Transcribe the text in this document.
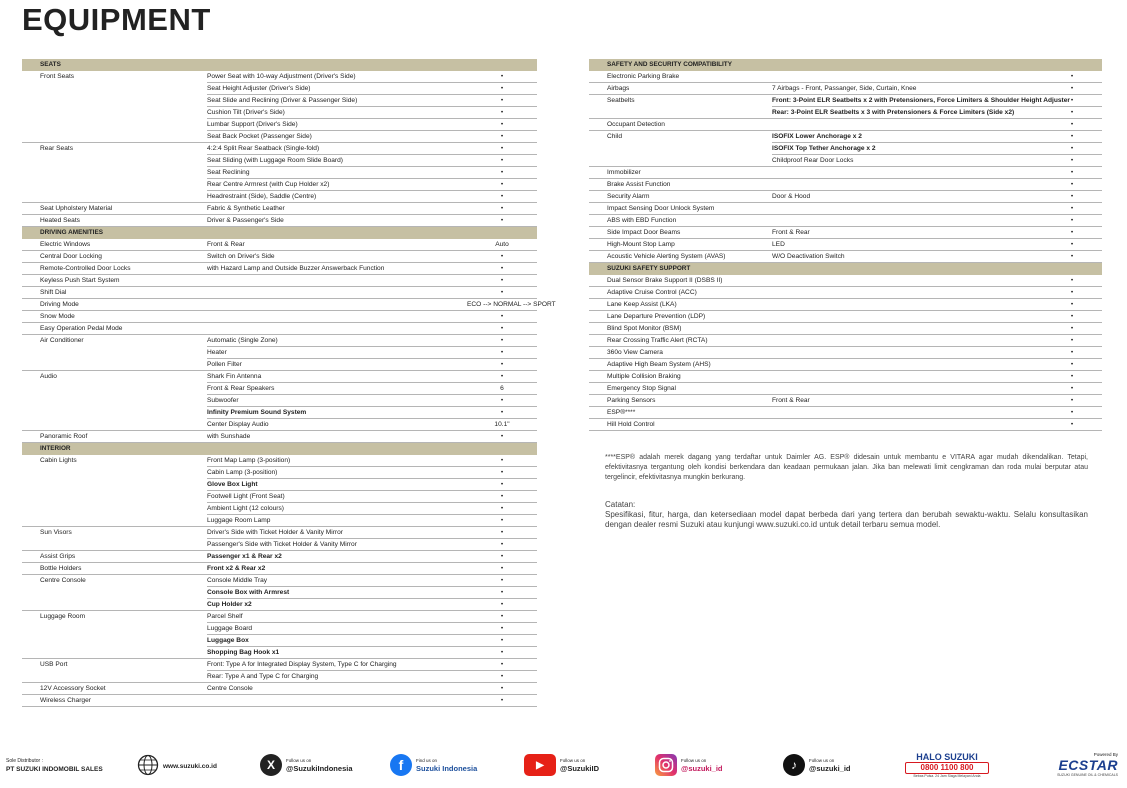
EQUIPMENT
SEATS
Front Seats	Power Seat with 10-way Adjustment (Driver's Side)	•
Seat Height Adjuster (Driver's Side)	•
Seat Slide and Reclining (Driver & Passenger Side)	•
Cushion Tilt (Driver's Side)	•
Lumbar Support (Driver's Side)	•
Seat Back Pocket (Passenger Side)	•
Rear Seats	4:2:4 Split Rear Seatback (Single-fold)	•
Seat Sliding (with Luggage Room Slide Board)	•
Seat Reclining	•
Rear Centre Armrest (with Cup Holder x2)	•
Headrestraint (Side), Saddle (Centre)	•
Seat Upholstery Material	Fabric & Synthetic Leather	•
Heated Seats	Driver & Passenger's Side	•
DRIVING AMENITIES
Electric Windows	Front & Rear	Auto
Central Door Locking	Switch on Driver's Side	•
Remote-Controlled Door Locks	with Hazard Lamp and Outside Buzzer Answerback Function	•
Keyless Push Start System	•
Shift Dial	•
Driving Mode	ECO --> NORMAL --> SPORT
Snow Mode	•
Easy Operation Pedal Mode	•
Air Conditioner	Automatic (Single Zone)	•
Heater	•
Pollen Filter	•
Audio	Shark Fin Antenna	•
Front & Rear Speakers	6
Subwoofer	•
Infinity Premium Sound System	•
Center Display Audio	10.1"
Panoramic Roof	with Sunshade	•
INTERIOR
Cabin Lights	Front Map Lamp (3-position)	•
Cabin Lamp (3-position)	•
Glove Box Light	•
Footwell Light (Front Seat)	•
Ambient Light (12 colours)	•
Luggage Room Lamp	•
Sun Visors	Driver's Side with Ticket Holder & Vanity Mirror	•
Passenger's Side with Ticket Holder & Vanity Mirror	•
Assist Grips	Passenger x1 & Rear x2	•
Bottle Holders	Front x2 & Rear x2	•
Centre Console	Console Middle Tray	•
Console Box with Armrest	•
Cup Holder x2	•
Luggage Room	Parcel Shelf	•
Luggage Board	•
Luggage Box	•
Shopping Bag Hook x1	•
USB Port	Front: Type A for Integrated Display System, Type C for Charging	•
Rear: Type A and Type C for Charging	•
12V Accessory Socket	Centre Console	•
Wireless Charger	•
SAFETY AND SECURITY COMPATIBILITY
Electronic Parking Brake	•
Airbags	7 Airbags - Front, Passanger, Side, Curtain, Knee	•
Seatbelts	Front: 3-Point ELR Seatbelts x 2 with Pretensioners, Force Limiters & Shoulder Height Adjuster •
Rear: 3-Point ELR Seatbelts x 3 with Pretensioners & Force Limiters (Side x2)	•
Occupant Detection	•
Child	ISOFIX Lower Anchorage x 2	•
ISOFIX Top Tether Anchorage x 2	•
Childproof Rear Door Locks	•
Immobilizer	•
Brake Assist Function	•
Security Alarm	Door & Hood	•
Impact Sensing Door Unlock System	•
ABS with EBD Function	•
Side Impact Door Beams	Front & Rear	•
High-Mount Stop Lamp	LED	•
Acoustic Vehicle Alerting System (AVAS)	W/O Deactivation Switch	•
SUZUKI SAFETY SUPPORT
Dual Sensor Brake Support II (DSBS II)	•
Adaptive Cruise Control (ACC)	•
Lane Keep Assist (LKA)	•
Lane Departure Prevention (LDP)	•
Blind Spot Monitor (BSM)	•
Rear Crossing Traffic Alert (RCTA)	•
360o View Camera	•
Adaptive High Beam System (AHS)	•
Multiple Collision Braking	•
Emergency Stop Signal	•
Parking Sensors	Front & Rear	•
ESP®****	•
Hill Hold Control	•
****ESP® adalah merek dagang yang terdaftar untuk Daimler AG. ESP® didesain untuk membantu e VITARA agar mudah dikendalikan. Tetapi, efektivitasnya tergantung oleh kondisi berkendara dan keadaan permukaan jalan. Jika ban melewati limit cengkraman dan roda mulai berputar atau tergelincir, efektivitasnya mungkin berkurang.
Catatan:
Spesifikasi, fitur, harga, dan ketersediaan model dapat berbeda dari yang tertera dan berubah sewaktu-waktu. Selalu konsultasikan dengan dealer resmi Suzuki atau kunjungi www.suzuki.co.id untuk detail terbaru semua model.
Sole Distributor :
PT SUZUKI INDOMOBIL SALES	www.suzuki.co.id	X	Follow us on
@SuzukiIndonesia	f	Find us on
Suzuki Indonesia	▶	Follow us on
@SuzukiID
Follow us on
@suzuki_id	♪	Follow us on
@suzuki_id
HALO SUZUKI
0800 1100 800
Bebas Pulsa. 24 Jam Siaga Melayani Anda
Powered By
ECSTAR
SUZUKI GENUINE OIL & CHEMICALS
